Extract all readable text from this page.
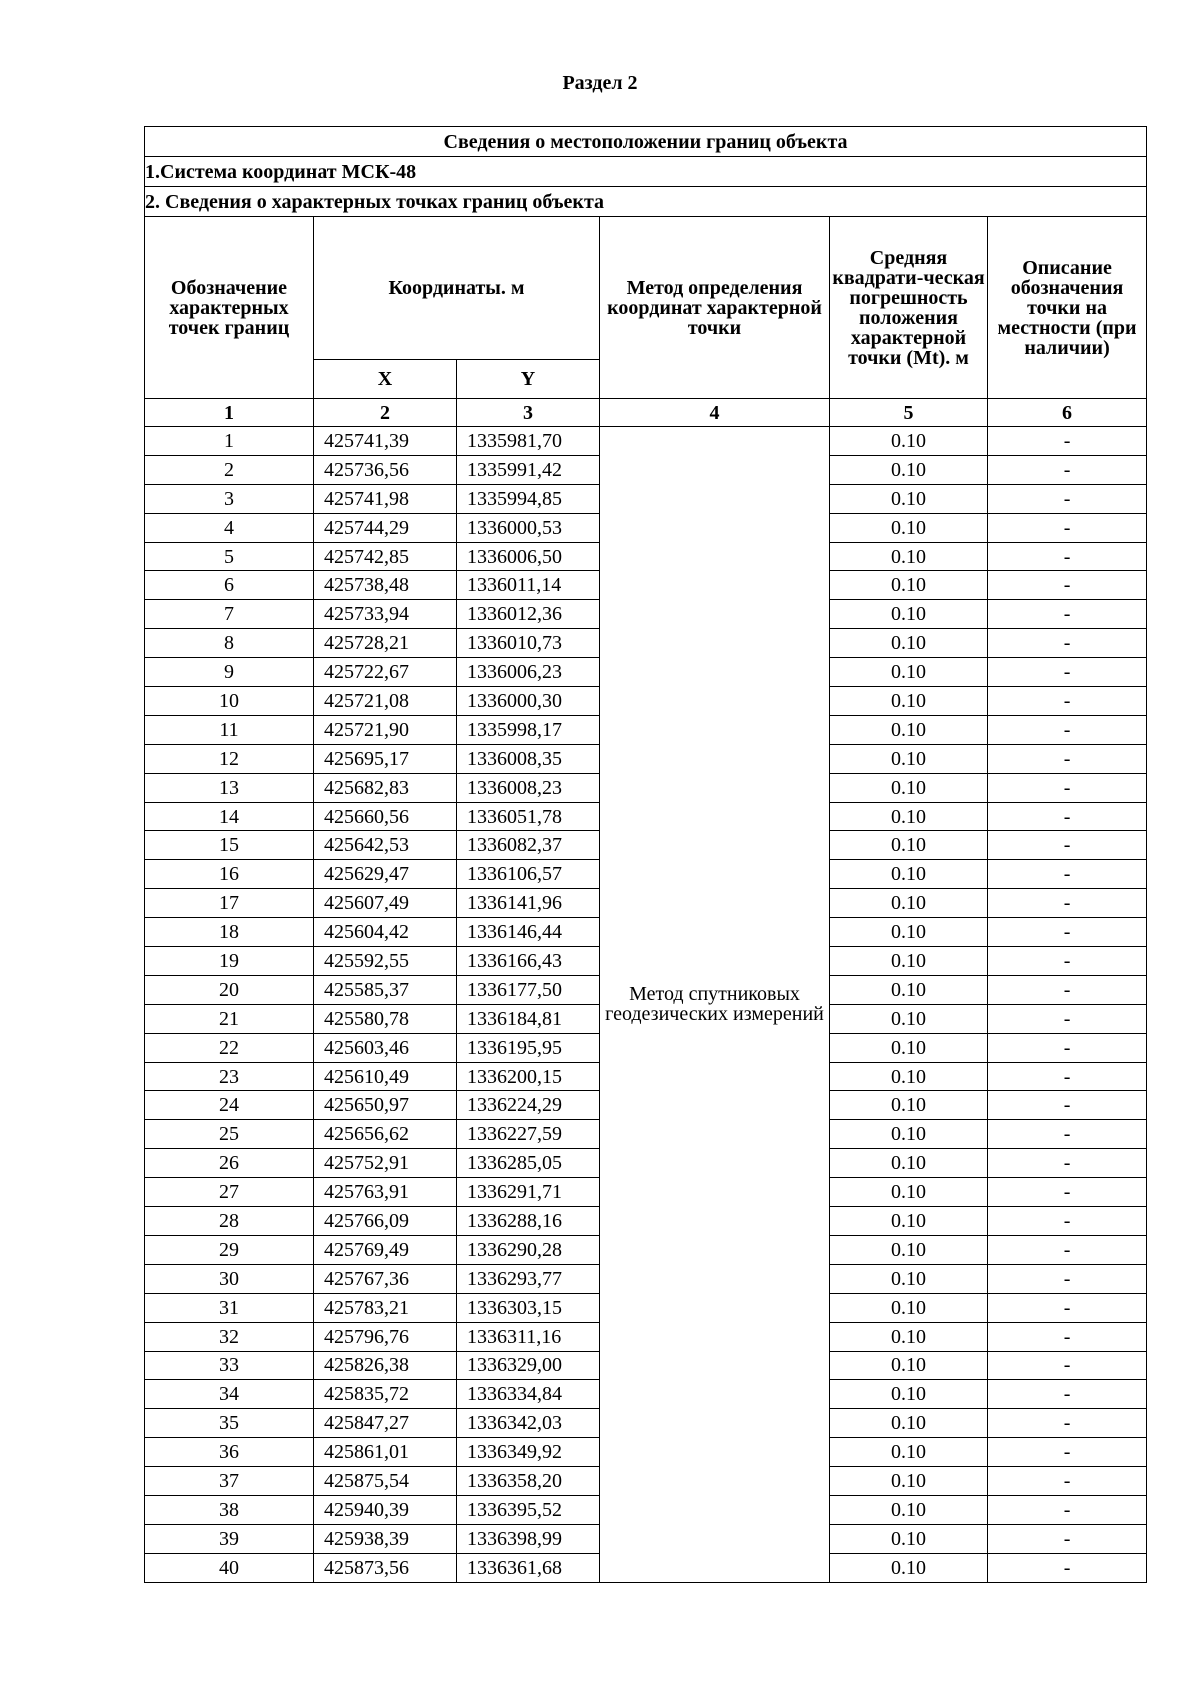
Раздел 2
Сведения о местоположении границ объекта					
1.Система координат МСК-48					
2. Сведения о характерных точках границ объекта					
Обозначение характерных точек границ	Координаты. м		Метод определения координат характерной точки	Средняя квадрати-ческая погрешность положения характерной точки (Mt). м	Описание обозначения точки на местности (при наличии)
	X	Y			
1	2	3	4	5	6
1	425741,39	1335981,70	Метод спутниковых геодезических измерений	0.10	-
2	425736,56	1335991,42		0.10	-
3	425741,98	1335994,85		0.10	-
4	425744,29	1336000,53		0.10	-
5	425742,85	1336006,50		0.10	-
6	425738,48	1336011,14		0.10	-
7	425733,94	1336012,36		0.10	-
8	425728,21	1336010,73		0.10	-
9	425722,67	1336006,23		0.10	-
10	425721,08	1336000,30		0.10	-
11	425721,90	1335998,17		0.10	-
12	425695,17	1336008,35		0.10	-
13	425682,83	1336008,23		0.10	-
14	425660,56	1336051,78		0.10	-
15	425642,53	1336082,37		0.10	-
16	425629,47	1336106,57		0.10	-
17	425607,49	1336141,96		0.10	-
18	425604,42	1336146,44		0.10	-
19	425592,55	1336166,43		0.10	-
20	425585,37	1336177,50		0.10	-
21	425580,78	1336184,81		0.10	-
22	425603,46	1336195,95		0.10	-
23	425610,49	1336200,15		0.10	-
24	425650,97	1336224,29		0.10	-
25	425656,62	1336227,59		0.10	-
26	425752,91	1336285,05		0.10	-
27	425763,91	1336291,71		0.10	-
28	425766,09	1336288,16		0.10	-
29	425769,49	1336290,28		0.10	-
30	425767,36	1336293,77		0.10	-
31	425783,21	1336303,15		0.10	-
32	425796,76	1336311,16		0.10	-
33	425826,38	1336329,00		0.10	-
34	425835,72	1336334,84		0.10	-
35	425847,27	1336342,03		0.10	-
36	425861,01	1336349,92		0.10	-
37	425875,54	1336358,20		0.10	-
38	425940,39	1336395,52		0.10	-
39	425938,39	1336398,99		0.10	-
40	425873,56	1336361,68		0.10	-
